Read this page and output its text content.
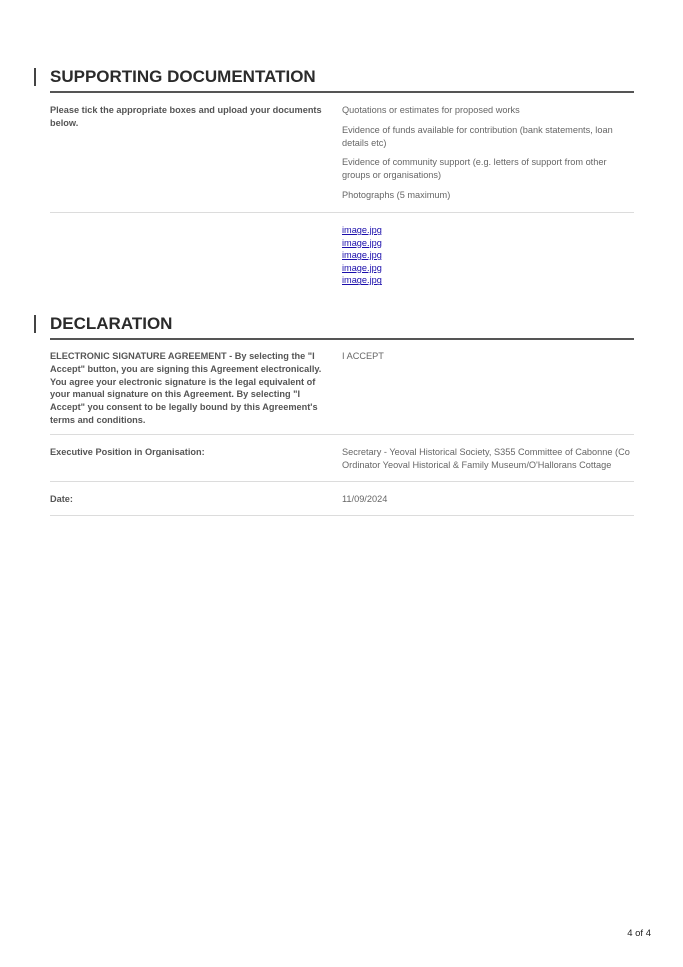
SUPPORTING DOCUMENTATION
Please tick the appropriate boxes and upload your documents below.
Quotations or estimates for proposed works
Evidence of funds available for contribution (bank statements, loan details etc)
Evidence of community support (e.g. letters of support from other groups or organisations)
Photographs (5 maximum)
image.jpg
image.jpg
image.jpg
image.jpg
image.jpg
DECLARATION
ELECTRONIC SIGNATURE AGREEMENT - By selecting the "I Accept" button, you are signing this Agreement electronically. You agree your electronic signature is the legal equivalent of your manual signature on this Agreement. By selecting "I Accept" you consent to be legally bound by this Agreement's terms and conditions.
I ACCEPT
Executive Position in Organisation:	Secretary - Yeoval Historical Society, S355 Committee of Cabonne (Co Ordinator Yeoval Historical & Family Museum/O'Hallorans Cottage
Date:	11/09/2024
4 of 4
